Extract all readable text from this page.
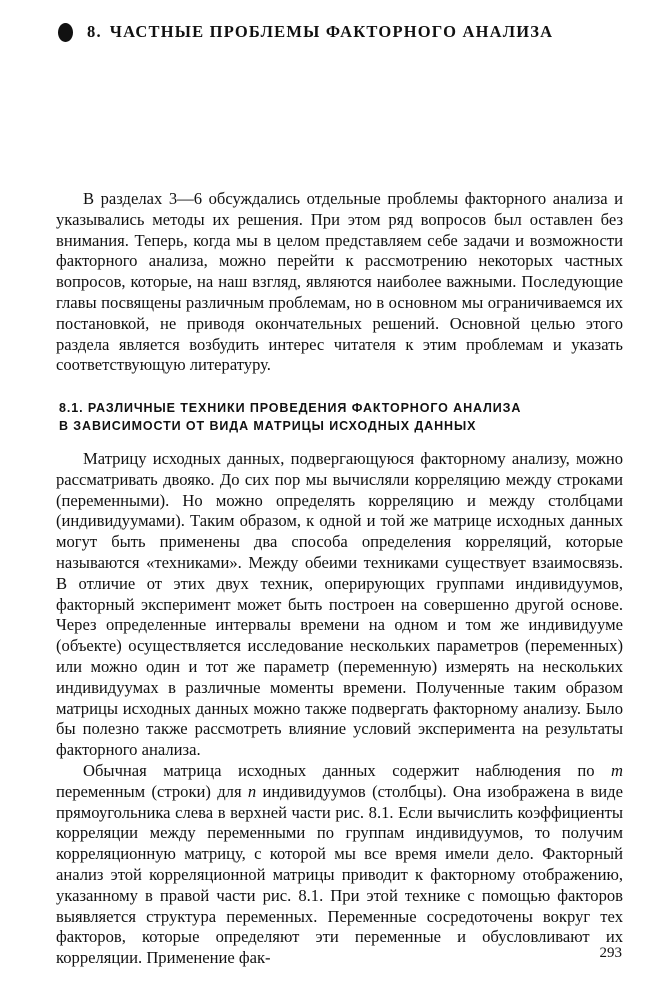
8. ЧАСТНЫЕ ПРОБЛЕМЫ ФАКТОРНОГО АНАЛИЗА

В разделах 3—6 обсуждались отдельные проблемы факторного анализа и указывались методы их решения. При этом ряд вопросов был оставлен без внимания. Теперь, когда мы в целом представляем себе задачи и возможности факторного анализа, можно перейти к рассмотрению некоторых частных вопросов, которые, на наш взгляд, являются наиболее важными. Последующие главы посвящены различным проблемам, но в основном мы ограничиваемся их постановкой, не приводя окончательных решений. Основной целью этого раздела является возбудить интерес читателя к этим проблемам и указать соответствующую литературу.

8.1. РАЗЛИЧНЫЕ ТЕХНИКИ ПРОВЕДЕНИЯ ФАКТОРНОГО АНАЛИЗА
В ЗАВИСИМОСТИ ОТ ВИДА МАТРИЦЫ ИСХОДНЫХ ДАННЫХ

Матрицу исходных данных, подвергающуюся факторному анализу, можно рассматривать двояко. До сих пор мы вычисляли корреляцию между строками (переменными). Но можно определять корреляцию и между столбцами (индивидуумами). Таким образом, к одной и той же матрице исходных данных могут быть применены два способа определения корреляций, которые называются «техниками». Между обеими техниками существует взаимосвязь. В отличие от этих двух техник, оперирующих группами индивидуумов, факторный эксперимент может быть построен на совершенно другой основе. Через определенные интервалы времени на одном и том же индивидууме (объекте) осуществляется исследование нескольких параметров (переменных) или можно один и тот же параметр (переменную) измерять на нескольких индивидуумах в различные моменты времени. Полученные таким образом матрицы исходных данных можно также подвергать факторному анализу. Было бы полезно также рассмотреть влияние условий эксперимента на результаты факторного анализа.

Обычная матрица исходных данных содержит наблюдения по m переменным (строки) для n индивидуумов (столбцы). Она изображена в виде прямоугольника слева в верхней части рис. 8.1. Если вычислить коэффициенты корреляции между переменными по группам индивидуумов, то получим корреляционную матрицу, с которой мы все время имели дело. Факторный анализ этой корреляционной матрицы приводит к факторному отображению, указанному в правой части рис. 8.1. При этой технике с помощью факторов выявляется структура переменных. Переменные сосредоточены вокруг тех факторов, которые определяют эти переменные и обусловливают их корреляции. Применение фак-	293
